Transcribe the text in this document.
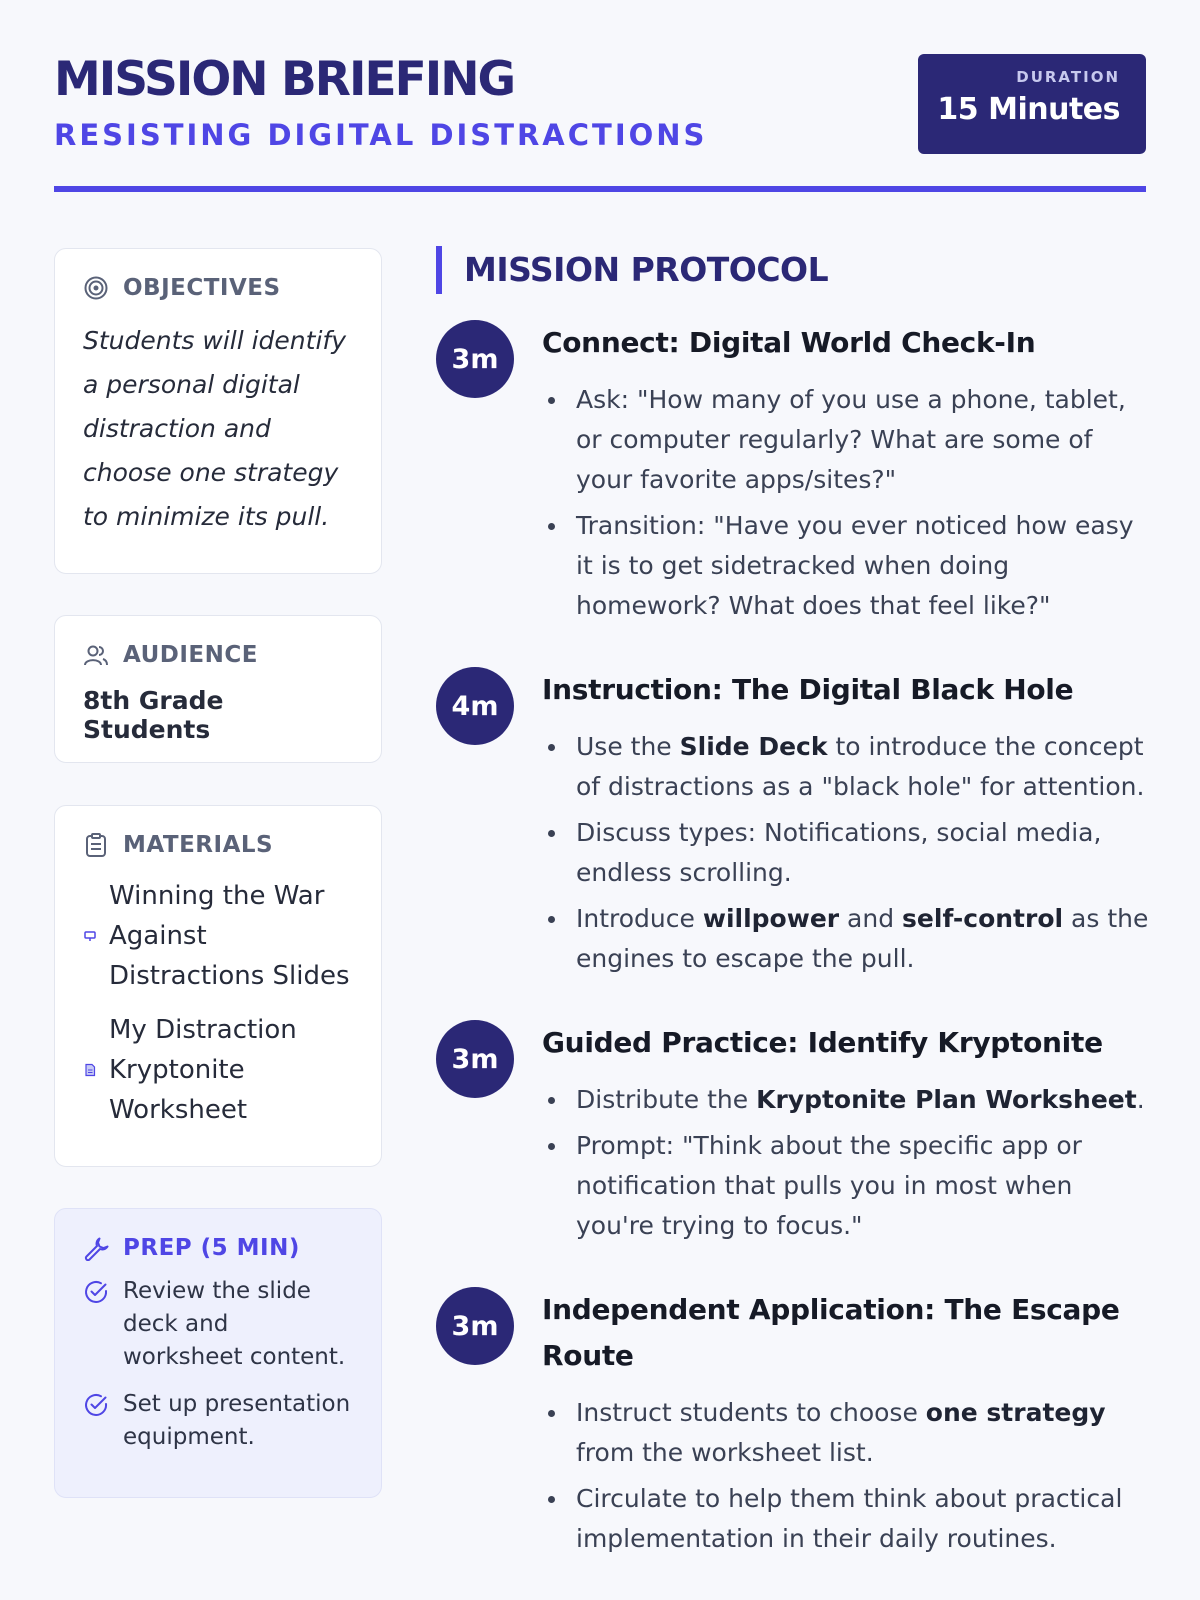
MISSION BRIEFING
RESISTING DIGITAL DISTRACTIONS
DURATION
15 Minutes
OBJECTIVES
Students will identify a personal digital distraction and choose one strategy to minimize its pull.
AUDIENCE
8th Grade Students
MATERIALS
Winning the War Against Distractions Slides
My Distraction Kryptonite Worksheet
PREP (5 MIN)
Review the slide deck and worksheet content.
Set up presentation equipment.
MISSION PROTOCOL
3m	Connect: Digital World Check-In
Ask: "How many of you use a phone, tablet, or computer regularly? What are some of your favorite apps/sites?"
Transition: "Have you ever noticed how easy it is to get sidetracked when doing homework? What does that feel like?"
4m	Instruction: The Digital Black Hole
Use the Slide Deck to introduce the concept of distractions as a "black hole" for attention.
Discuss types: Notifications, social media, endless scrolling.
Introduce willpower and self-control as the engines to escape the pull.
3m	Guided Practice: Identify Kryptonite
Distribute the Kryptonite Plan Worksheet.
Prompt: "Think about the specific app or notification that pulls you in most when you're trying to focus."
3m	Independent Application: The Escape Route
Instruct students to choose one strategy from the worksheet list.
Circulate to help them think about practical implementation in their daily routines.
